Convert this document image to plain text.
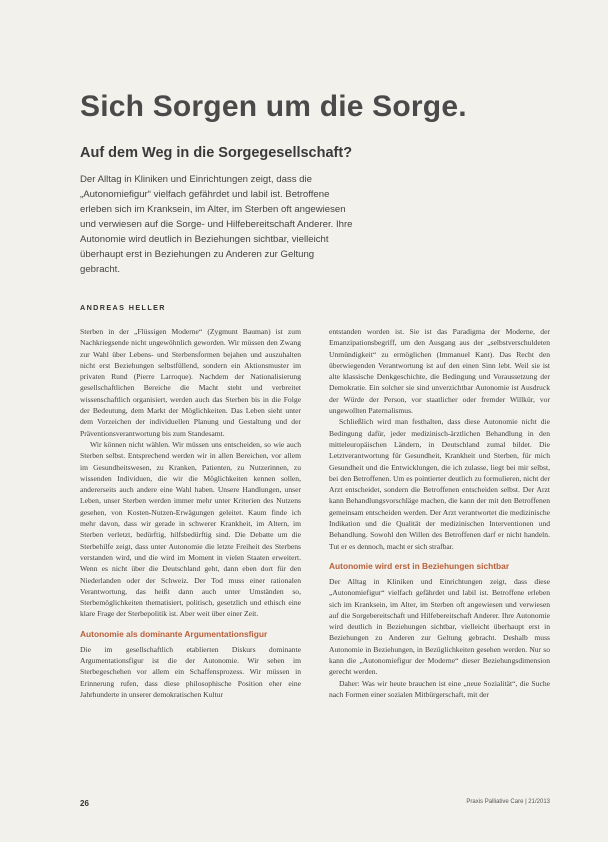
Sich Sorgen um die Sorge.
Auf dem Weg in die Sorgegesellschaft?

Der Alltag in Kliniken und Einrichtungen zeigt, dass die „Autonomiefigur“ vielfach gefährdet und labil ist. Betroffene erleben sich im Kranksein, im Alter, im Sterben oft angewiesen und verwiesen auf die Sorge- und Hilfebereitschaft Anderer. Ihre Autonomie wird deutlich in Beziehungen sichtbar, vielleicht überhaupt erst in Beziehungen zu Anderen zur Geltung gebracht.

ANDREAS HELLER

Sterben in der „Flüssigen Moderne“ (Zygmunt Bauman) ist zum Nachkriegsende nicht ungewöhnlich geworden. Wir müssen den Zwang zur Wahl über Lebens- und Sterbensformen bejahen und auszuhalten nicht erst Beziehungen selbstfüllend, sondern ein Aktionsmuster im privaten Rund (Pierre Larroque). Nachdem der Nationalisierung gesellschaftlichen Bereiche die Macht steht und verbreitet wissenschaftlich organisiert, werden auch das Sterben bis in die Folge der Bedeutung, dem Markt der Möglichkeiten. Das Leben sieht unter dem Vorzeichen der individuellen Planung und Gestaltung und der Präventionsverantwortung bis zum Standesamt.

Wir können nicht wählen. Wir müssen uns entscheiden, so wie auch Sterben selbst. Entsprechend werden wir in allen Bereichen, vor allem im Gesundheitswesen, zu Kranken, Patienten, zu Nutzerinnen, zu wissenden Individuen, die wir die Möglichkeiten kennen sollen, andererseits auch andere eine Wahl haben. Unsere Handlungen, unser Leben, unser Sterben werden immer mehr unter Kriterien des Nutzens gesehen, von Kosten-Nutzen-Erwägungen geleitet. Kaum finde ich mehr davon, dass wir gerade in schwerer Krankheit, im Altern, im Sterben verletzt, bedürftig, hilfsbedürftig sind. Die Debatte um die Sterbehilfe zeigt, dass unter Autonomie die letzte Freiheit des Sterbens verstanden wird, und die wird im Moment in vielen Staaten erweitert. Wenn es nicht über die Deutschland geht, dann eben dort für den Niederlanden oder der Schweiz. Der Tod muss einer rationalen Verantwortung, das heißt dann auch unter Umständen so, Sterbemöglichkeiten thematisiert, politisch, gesetzlich und ethisch eine klare Frage der Sterbepolitik ist. Aber weit über einer Zeit.

Autonomie als dominante Argumentationsfigur

Die im gesellschaftlich etablierten Diskurs dominante Argumentationsfigur ist die der Autonomie. Wir sehen im Sterbegeschehen vor allem ein Schaffensprozess. Wir müssen in Erinnerung rufen, dass diese philosophische Position eher eine Jahrhunderte in unserer demokratischen Kultur

entstanden worden ist. Sie ist das Paradigma der Moderne, der Emanzipationsbegriff, um den Ausgang aus der „selbstverschuldeten Unmündigkeit“ zu ermöglichen (Immanuel Kant). Das Recht den überwiegenden Verantwortung ist auf den einen Sinn lebt. Weil sie ist alte klassische Denkgeschichte, die Bedingung und Voraussetzung der Demokratie. Ein solcher sie sind unverzichtbar Autonomie ist Ausdruck der Würde der Person, vor staatlicher oder fremder Willkür, vor ungewollten Paternalismus.

Schließlich wird man festhalten, dass diese Autonomie nicht die Bedingung dafür, jeder medizinisch-ärztlichen Behandlung in den mitteleuropäischen Ländern, in Deutschland zumal bildet. Die Letztverantwortung für Gesundheit, Krankheit und Sterben, für mich Gesundheit und die Entwicklungen, die ich zulasse, liegt bei mir selbst, bei den Betroffenen. Um es pointierter deutlich zu formulieren, nicht der Arzt entscheidet, sondern die Betroffenen entscheiden selbst. Der Arzt kann Behandlungsvorschläge machen, die kann der mit den Betroffenen gemeinsam entscheiden werden. Der Arzt verantwortet die medizinische Indikation und die Qualität der medizinischen Interventionen und Behandlung. Sowohl den Willen des Betroffenen darf er nicht handeln. Tut er es dennoch, macht er sich strafbar.

Autonomie wird erst in Beziehungen sichtbar

Der Alltag in Kliniken und Einrichtungen zeigt, dass diese „Autonomiefigur“ vielfach gefährdet und labil ist. Betroffene erleben sich im Kranksein, im Alter, im Sterben oft angewiesen und verwiesen auf die Sorgebereitschaft und Hilfebereitschaft Anderer. Ihre Autonomie wird deutlich in Beziehungen sichtbar, vielleicht überhaupt erst in Beziehungen zu Anderen zur Geltung gebracht. Deshalb muss Autonomie in Beziehungen, in Bezüglichkeiten gesehen werden. Nur so kann die „Autonomiefigur der Moderne“ dieser Beziehungsdimension gerecht werden.

Daher: Was wir heute brauchen ist eine „neue Sozialität“, die Suche nach Formen einer sozialen Mitbürgerschaft, mit der

26	Praxis Palliative Care | 21/2013
